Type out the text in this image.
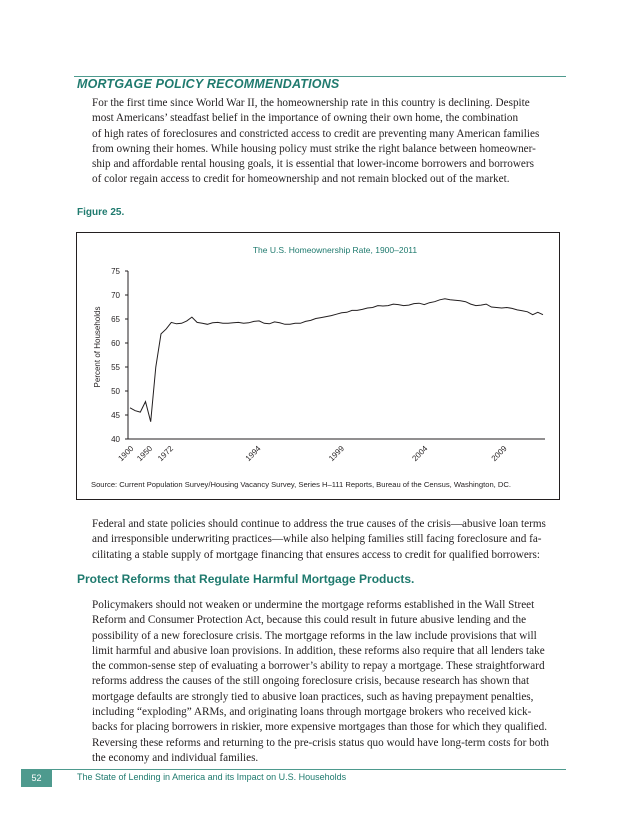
MORTGAGE POLICY RECOMMENDATIONS
For the first time since World War II, the homeownership rate in this country is declining. Despite
most Americans’ steadfast belief in the importance of owning their own home, the combination
of high rates of foreclosures and constricted access to credit are preventing many American families
from owning their homes. While housing policy must strike the right balance between homeowner-
ship and affordable rental housing goals, it is essential that lower-income borrowers and borrowers
of color regain access to credit for homeownership and not remain blocked out of the market.

Figure 25.

The U.S. Homeownership Rate, 1900–2011
Percent of Households
75
70
65
60
55
50
45
40
1900 1950 1972	1994	1999	2004	2009
Source: Current Population Survey/Housing Vacancy Survey, Series H–111 Reports, Bureau of the Census, Washington, DC.
Federal and state policies should continue to address the true causes of the crisis—abusive loan terms
and irresponsible underwriting practices—while also helping families still facing foreclosure and fa-
cilitating a stable supply of mortgage financing that ensures access to credit for qualified borrowers:
Protect Reforms that Regulate Harmful Mortgage Products.
Policymakers should not weaken or undermine the mortgage reforms established in the Wall Street
Reform and Consumer Protection Act, because this could result in future abusive lending and the
possibility of a new foreclosure crisis. The mortgage reforms in the law include provisions that will
limit harmful and abusive loan provisions. In addition, these reforms also require that all lenders take
the common-sense step of evaluating a borrower’s ability to repay a mortgage. These straightforward
reforms address the causes of the still ongoing foreclosure crisis, because research has shown that
mortgage defaults are strongly tied to abusive loan practices, such as having prepayment penalties,
including “exploding” ARMs, and originating loans through mortgage brokers who received kick-
backs for placing borrowers in riskier, more expensive mortgages than those for which they qualified.
Reversing these reforms and returning to the pre-crisis status quo would have long-term costs for both
the economy and individual families.
52	The State of Lending in America and its Impact on U.S. Households
